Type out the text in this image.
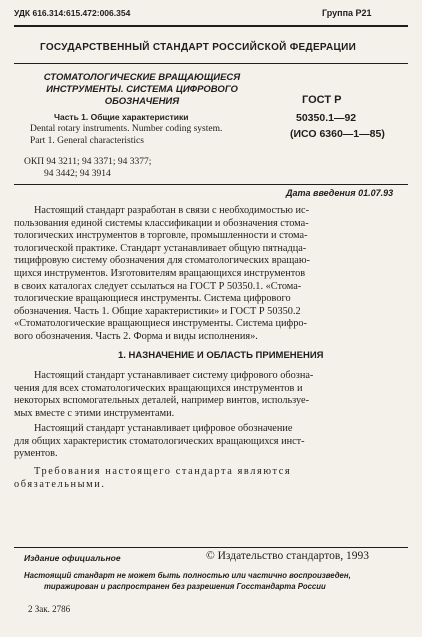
УДК 616.314:615.472:006.354	Группа Р21
ГОСУДАРСТВЕННЫЙ СТАНДАРТ РОССИЙСКОЙ ФЕДЕРАЦИИ
СТОМАТОЛОГИЧЕСКИЕ ВРАЩАЮЩИЕСЯ
ИНСТРУМЕНТЫ. СИСТЕМА ЦИФРОВОГО
ОБОЗНАЧЕНИЯ
Часть 1. Общие характеристики
Dental rotary instruments. Number coding system.
Part 1. General characteristics
ГОСТ Р
50350.1—92
(ИСО 6360—1—85)
ОКП 94 3211; 94 3371; 94 3377;
94 3442; 94 3914
Дата введения 01.07.93
Настоящий стандарт разработан в связи с необходимостью ис-
пользования единой системы классификации и обозначения стома-
тологических инструментов в торговле, промышленности и стомa-
тологической практике. Стандарт устанавливает общую пятнадца-
тицифровую систему обозначения для стоматологических вращаю-
щихся инструментов. Изготовителям вращающихся инструментов
в своих каталогах следует ссылаться на ГОСТ Р 50350.1. «Стома-
тологические вращающиеся инструменты. Система цифрового
обозначения. Часть 1. Общие характеристики» и ГОСТ Р 50350.2
«Стоматологические вращающиеся инструменты. Система цифро-
вого обозначения. Часть 2. Форма и виды исполнения».
1. НАЗНАЧЕНИЕ И ОБЛАСТЬ ПРИМЕНЕНИЯ
Настоящий стандарт устанавливает систему цифрового обозна-
чения для всех стоматологических вращающихся инструментов и
некоторых вспомогательных деталей, например винтов, используе-
мых вместе с этими инструментами.
Настоящий стандарт устанавливает цифровое обозначение
для общих характеристик стоматологических вращающихся инст-
рументов.
Требования настоящего стандарта являются
обязательными.
Издание официальное	© Издательство стандартов, 1993
Настоящий стандарт не может быть полностью или частично воспроизведен,
тиражирован и распространен без разрешения Госстандарта России
2 Зак. 2786
